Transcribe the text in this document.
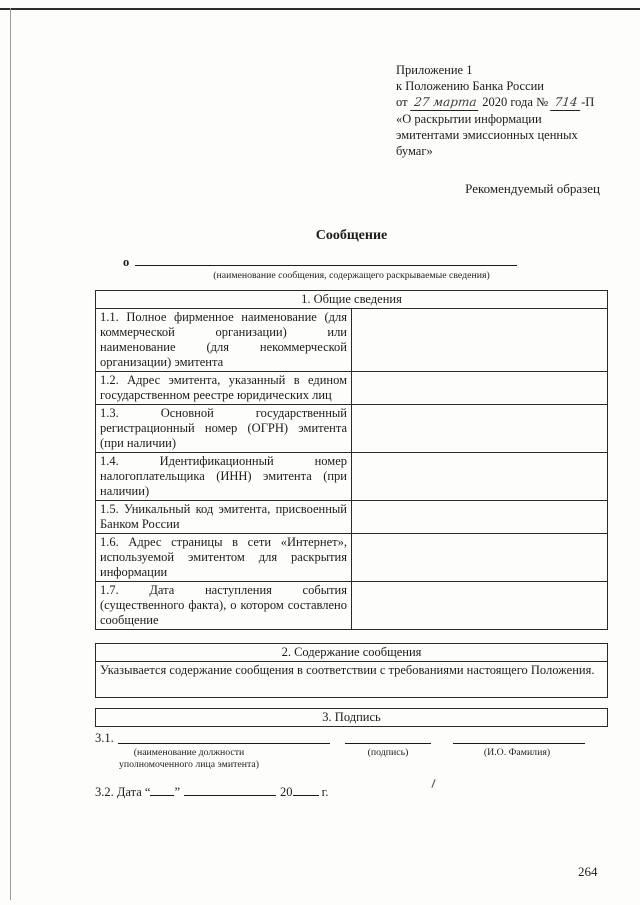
Приложение 1
к Положению Банка России
от 27 марта 2020 года № 714 -П
«О раскрытии информации
эмитентами эмиссионных ценных
бумаг»
Рекомендуемый образец
Сообщение
о
(наименование сообщения, содержащего раскрываемые сведения)
1. Общие сведения	
1.1. Полное фирменное наименование (для коммерческой организации) или наименование (для некоммерческой организации) эмитента	
1.2. Адрес эмитента, указанный в едином государственном реестре юридических лиц	
1.3. Основной государственный регистрационный номер (ОГРН) эмитента (при наличии)	
1.4. Идентификационный номер налогоплательщика (ИНН) эмитента (при наличии)	
1.5. Уникальный код эмитента, присвоенный Банком России	
1.6. Адрес страницы в сети «Интернет», используемой эмитентом для раскрытия информации	
1.7. Дата наступления события (существенного факта), о котором составлено сообщение	
2. Содержание сообщения
Указывается содержание сообщения в соответствии с требованиями настоящего Положения.
3. Подпись
3.1.
(наименование должности уполномоченного лица эмитента)
(подпись)	(И.О. Фамилия)
3.2. Дата “ ”	20 г.
264
